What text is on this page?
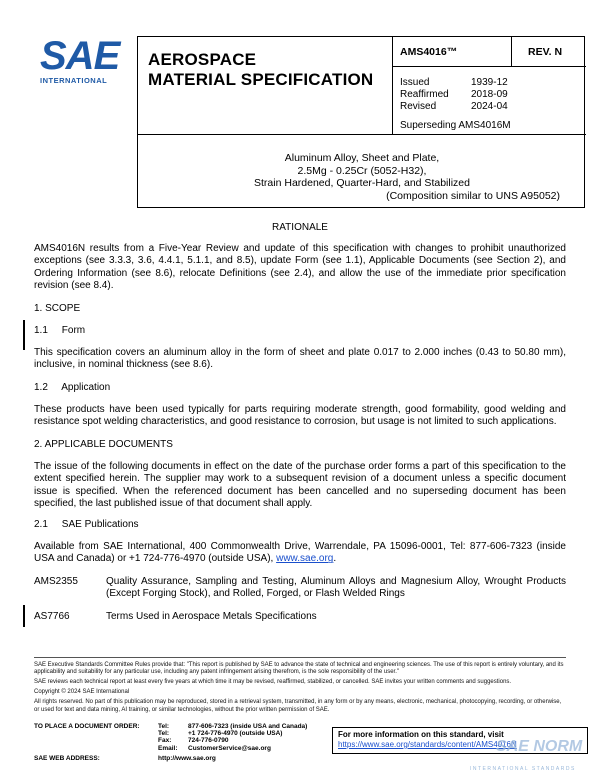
SAE
INTERNATIONAL
AEROSPACE
MATERIAL SPECIFICATION
AMS4016™	REV. N
Issued	1939-12
Reaffirmed	2018-09
Revised	2024-04
Superseding AMS4016M
Aluminum Alloy, Sheet and Plate,
2.5Mg - 0.25Cr (5052-H32),
Strain Hardened, Quarter-Hard, and Stabilized
(Composition similar to UNS A95052)
RATIONALE
AMS4016N results from a Five-Year Review and update of this specification with changes to prohibit unauthorized exceptions (see 3.3.3, 3.6, 4.4.1, 5.1.1, and 8.5), update Form (see 1.1), Applicable Documents (see Section 2), and Ordering Information (see 8.6), relocate Definitions (see 2.4), and allow the use of the immediate prior specification revision (see 8.4).
1. SCOPE
1.1     Form
This specification covers an aluminum alloy in the form of sheet and plate 0.017 to 2.000 inches (0.43 to 50.80 mm), inclusive, in nominal thickness (see 8.6).
1.2     Application
These products have been used typically for parts requiring moderate strength, good formability, good welding and resistance spot welding characteristics, and good resistance to corrosion, but usage is not limited to such applications.
2. APPLICABLE DOCUMENTS
The issue of the following documents in effect on the date of the purchase order forms a part of this specification to the extent specified herein. The supplier may work to a subsequent revision of a document unless a specific document issue is specified. When the referenced document has been cancelled and no superseding document has been specified, the last published issue of that document shall apply.
2.1     SAE Publications
Available from SAE International, 400 Commonwealth Drive, Warrendale, PA 15096-0001, Tel: 877-606-7323 (inside USA and Canada) or +1 724-776-4970 (outside USA), www.sae.org.
AMS2355	Quality Assurance, Sampling and Testing, Aluminum Alloys and Magnesium Alloy, Wrought Products (Except Forging Stock), and Rolled, Forged, or Flash Welded Rings
AS7766	Terms Used in Aerospace Metals Specifications

SAE Executive Standards Committee Rules provide that: "This report is published by SAE to advance the state of technical and engineering sciences. The use of this report is entirely voluntary, and its applicability and suitability for any particular use, including any patent infringement arising therefrom, is the sole responsibility of the user."

SAE reviews each technical report at least every five years at which time it may be revised, reaffirmed, stabilized, or cancelled. SAE invites your written comments and suggestions.

Copyright © 2024 SAE International

All rights reserved. No part of this publication may be reproduced, stored in a retrieval system, transmitted, in any form or by any means, electronic, mechanical, photocopying, recording, or otherwise, or used for text and data mining, AI training, or similar technologies, without the prior written permission of SAE.

TO PLACE A DOCUMENT ORDER:	Tel:	877-606-7323 (inside USA and Canada)
Tel:	+1 724-776-4970 (outside USA)
Fax:	724-776-0790
Email:	CustomerService@sae.org
SAE WEB ADDRESS:	http://www.sae.org
For more information on this standard, visit
https://www.sae.org/standards/content/AMS4016N
SAE NORM
INTERNATIONAL STANDARDS
